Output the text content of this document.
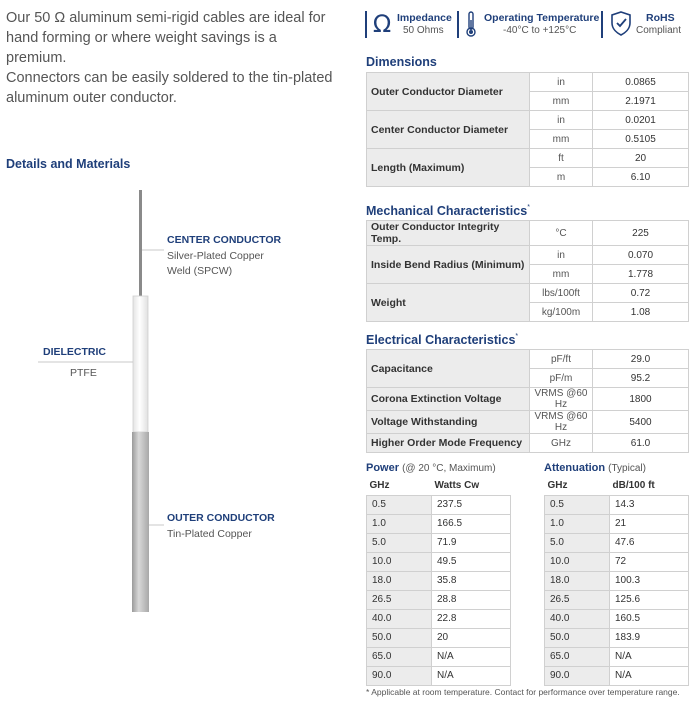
Our 50 Ω aluminum semi-rigid cables are ideal for
hand forming or where weight savings is a premium.
Connectors can be easily soldered to the tin-plated
aluminum outer conductor.
Details and Materials
CENTER CONDUCTOR
Silver-Plated Copper
Weld (SPCW)
DIELECTRIC
PTFE
OUTER CONDUCTOR
Tin-Plated Copper
Ω Impedance
50 Ohms
Operating Temperature
-40°C to +125°C
RoHS
Compliant
Dimensions
Outer Conductor Diameter	in	0.0865
	mm	2.1971
Center Conductor Diameter	in	0.0201
	mm	0.5105
Length (Maximum)	ft	20
	m	6.10
Mechanical Characteristics*
Outer Conductor Integrity Temp.	°C	225
Inside Bend Radius (Minimum)	in	0.070
	mm	1.778
Weight	lbs/100ft	0.72
	kg/100m	1.08
Electrical Characteristics*
Capacitance	pF/ft	29.0
	pF/m	95.2
Corona Extinction Voltage	VRMS @60 Hz	1800
Voltage Withstanding	VRMS @60 Hz	5400
Higher Order Mode Frequency	GHz	61.0
Power (@ 20 °C, Maximum)
GHz	Watts Cw
0.5	237.5
1.0	166.5
5.0	71.9
10.0	49.5
18.0	35.8
26.5	28.8
40.0	22.8
50.0	20
65.0	N/A
90.0	N/A
Attenuation (Typical)
GHz	dB/100 ft
0.5	14.3
1.0	21
5.0	47.6
10.0	72
18.0	100.3
26.5	125.6
40.0	160.5
50.0	183.9
65.0	N/A
90.0	N/A
* Applicable at room temperature. Contact for performance over temperature range.
